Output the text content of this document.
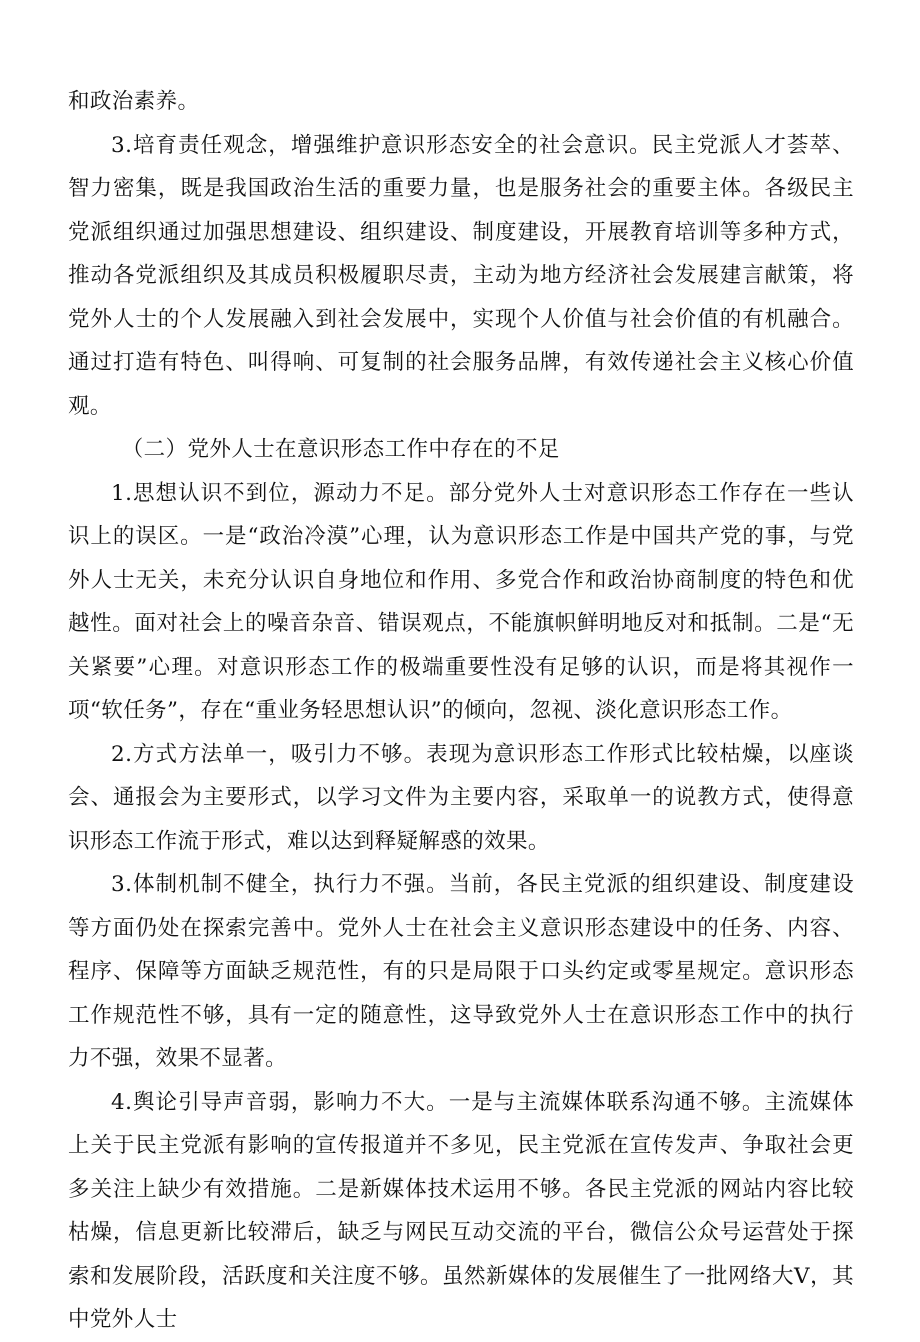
和政治素养。

3.培育责任观念，增强维护意识形态安全的社会意识。民主党派人才荟萃、智力密集，既是我国政治生活的重要力量，也是服务社会的重要主体。各级民主党派组织通过加强思想建设、组织建设、制度建设，开展教育培训等多种方式，推动各党派组织及其成员积极履职尽责，主动为地方经济社会发展建言献策，将党外人士的个人发展融入到社会发展中，实现个人价值与社会价值的有机融合。通过打造有特色、叫得响、可复制的社会服务品牌，有效传递社会主义核心价值观。

（二）党外人士在意识形态工作中存在的不足

1.思想认识不到位，源动力不足。部分党外人士对意识形态工作存在一些认识上的误区。一是“政治冷漠”心理，认为意识形态工作是中国共产党的事，与党外人士无关，未充分认识自身地位和作用、多党合作和政治协商制度的特色和优越性。面对社会上的噪音杂音、错误观点，不能旗帜鲜明地反对和抵制。二是“无关紧要”心理。对意识形态工作的极端重要性没有足够的认识，而是将其视作一项“软任务”，存在“重业务轻思想认识”的倾向，忽视、淡化意识形态工作。

2.方式方法单一，吸引力不够。表现为意识形态工作形式比较枯燥，以座谈会、通报会为主要形式，以学习文件为主要内容，采取单一的说教方式，使得意识形态工作流于形式，难以达到释疑解惑的效果。

3.体制机制不健全，执行力不强。当前，各民主党派的组织建设、制度建设等方面仍处在探索完善中。党外人士在社会主义意识形态建设中的任务、内容、程序、保障等方面缺乏规范性，有的只是局限于口头约定或零星规定。意识形态工作规范性不够，具有一定的随意性，这导致党外人士在意识形态工作中的执行力不强，效果不显著。

4.舆论引导声音弱，影响力不大。一是与主流媒体联系沟通不够。主流媒体上关于民主党派有影响的宣传报道并不多见，民主党派在宣传发声、争取社会更多关注上缺少有效措施。二是新媒体技术运用不够。各民主党派的网站内容比较枯燥，信息更新比较滞后，缺乏与网民互动交流的平台，微信公众号运营处于探索和发展阶段，活跃度和关注度不够。虽然新媒体的发展催生了一批网络大V，其中党外人士
